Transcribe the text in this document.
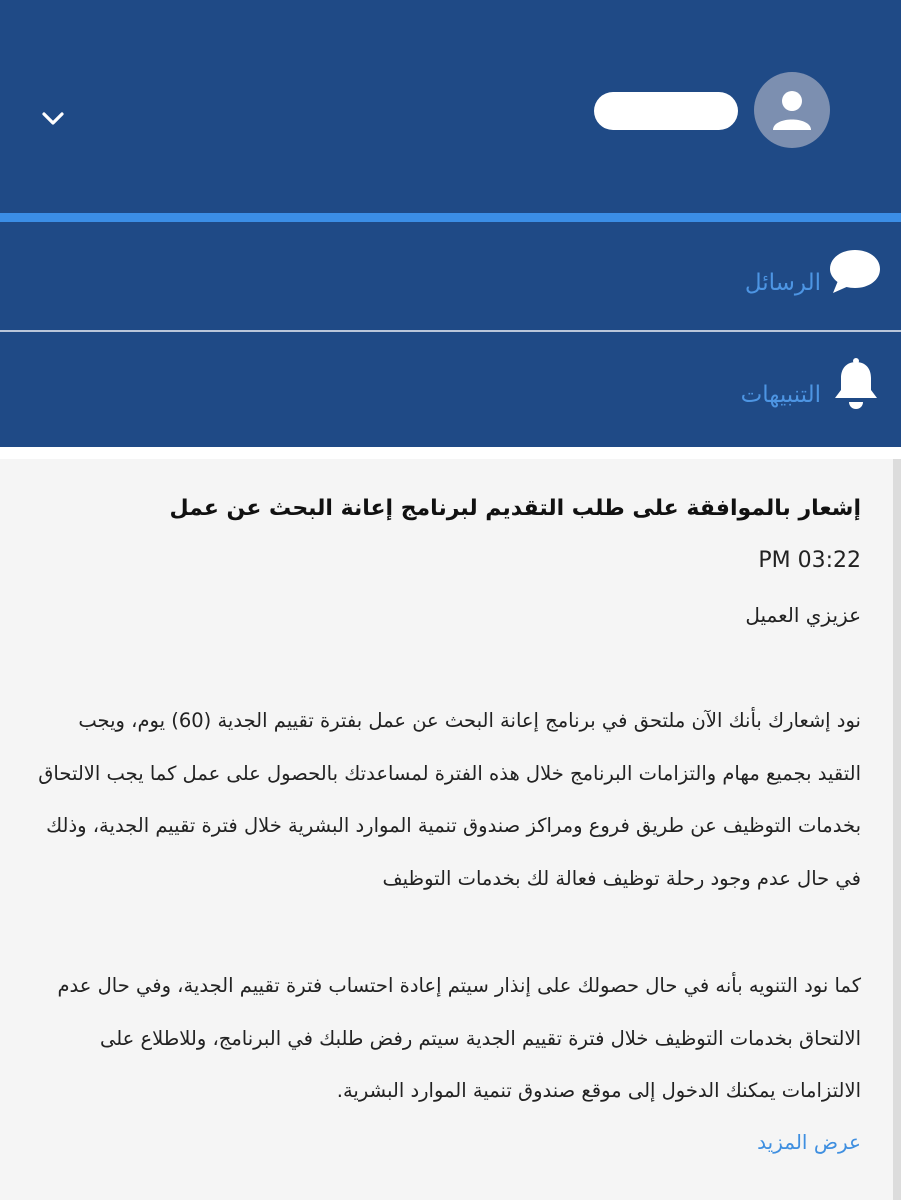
الرسائل
التنبيهات
إشعار بالموافقة على طلب التقديم لبرنامج إعانة البحث عن عمل
PM 03:22
عزيزي العميل
نود إشعارك بأنك الآن ملتحق في برنامج إعانة البحث عن عمل بفترة تقييم الجدية (60) يوم، ويجب التقيد بجميع مهام والتزامات البرنامج خلال هذه الفترة لمساعدتك بالحصول على عمل كما يجب الالتحاق بخدمات التوظيف عن طريق فروع ومراكز صندوق تنمية الموارد البشرية خلال فترة تقييم الجدية، وذلك في حال عدم وجود رحلة توظيف فعالة لك بخدمات التوظيف
كما نود التنويه بأنه في حال حصولك على إنذار سيتم إعادة احتساب فترة تقييم الجدية، وفي حال عدم الالتحاق بخدمات التوظيف خلال فترة تقييم الجدية سيتم رفض طلبك في البرنامج، وللاطلاع على الالتزامات يمكنك الدخول إلى موقع صندوق تنمية الموارد البشرية.
عرض المزيد
